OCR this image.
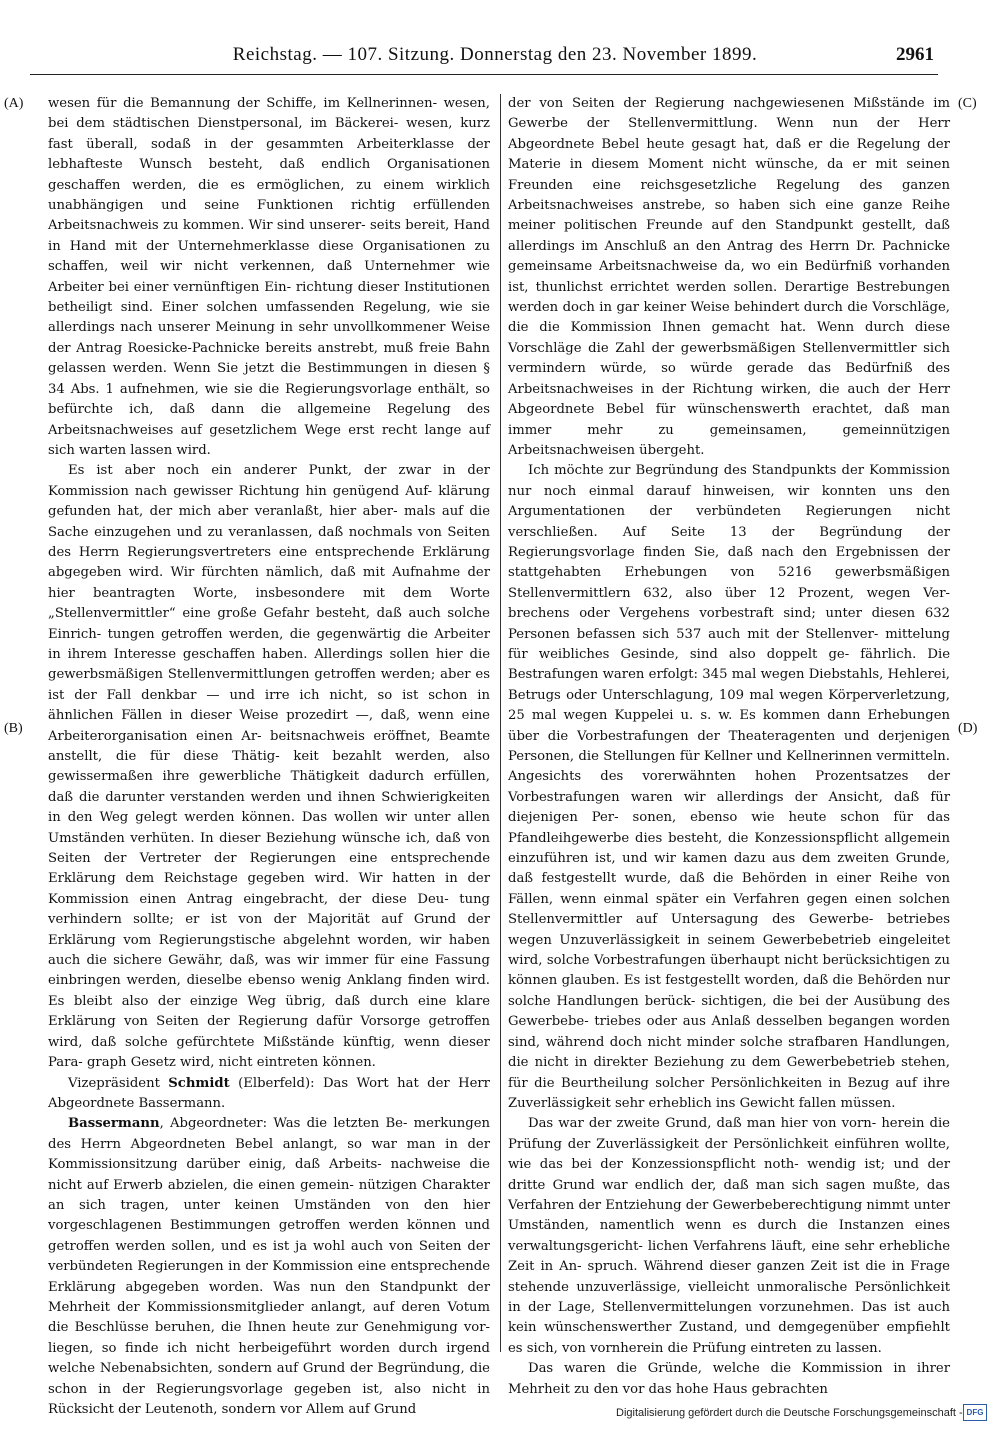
Reichstag. — 107. Sitzung. Donnerstag den 23. November 1899.	2961
(A)
(B)
(C)
(D)

wesen für die Bemannung der Schiffe, im Kellnerinnen- wesen, bei dem städtischen Dienstpersonal, im Bäckerei- wesen, kurz fast überall, sodaß in der gesammten Arbeiterklasse der lebhafteste Wunsch besteht, daß endlich Organisationen geschaffen werden, die es ermöglichen, zu einem wirklich unabhängigen und seine Funktionen richtig erfüllenden Arbeitsnachweis zu kommen. Wir sind unserer- seits bereit, Hand in Hand mit der Unternehmerklasse diese Organisationen zu schaffen, weil wir nicht verkennen, daß Unternehmer wie Arbeiter bei einer vernünftigen Ein- richtung dieser Institutionen betheiligt sind. Einer solchen umfassenden Regelung, wie sie allerdings nach unserer Meinung in sehr unvollkommener Weise der Antrag Roesicke-Pachnicke bereits anstrebt, muß freie Bahn gelassen werden. Wenn Sie jetzt die Bestimmungen in diesen § 34 Abs. 1 aufnehmen, wie sie die Regierungsvorlage enthält, so befürchte ich, daß dann die allgemeine Regelung des Arbeitsnachweises auf gesetzlichem Wege erst recht lange auf sich warten lassen wird.

Es ist aber noch ein anderer Punkt, der zwar in der Kommission nach gewisser Richtung hin genügend Auf- klärung gefunden hat, der mich aber veranlaßt, hier aber- mals auf die Sache einzugehen und zu veranlassen, daß nochmals von Seiten des Herrn Regierungsvertreters eine entsprechende Erklärung abgegeben wird. Wir fürchten nämlich, daß mit Aufnahme der hier beantragten Worte, insbesondere mit dem Worte „Stellenvermittler“ eine große Gefahr besteht, daß auch solche Einrich- tungen getroffen werden, die gegenwärtig die Arbeiter in ihrem Interesse geschaffen haben. Allerdings sollen hier die gewerbsmäßigen Stellenvermittlungen getroffen werden; aber es ist der Fall denkbar — und irre ich nicht, so ist schon in ähnlichen Fällen in dieser Weise prozedirt —, daß, wenn eine Arbeiterorganisation einen Ar- beitsnachweis eröffnet, Beamte anstellt, die für diese Thätig- keit bezahlt werden, also gewissermaßen ihre gewerbliche Thätigkeit dadurch erfüllen, daß die darunter verstanden werden und ihnen Schwierigkeiten in den Weg gelegt werden können. Das wollen wir unter allen Umständen verhüten. In dieser Beziehung wünsche ich, daß von Seiten der Vertreter der Regierungen eine entsprechende Erklärung dem Reichstage gegeben wird. Wir hatten in der Kommission einen Antrag eingebracht, der diese Deu- tung verhindern sollte; er ist von der Majorität auf Grund der Erklärung vom Regierungstische abgelehnt worden, wir haben auch die sichere Gewähr, daß, was wir immer für eine Fassung einbringen werden, dieselbe ebenso wenig Anklang finden wird. Es bleibt also der einzige Weg übrig, daß durch eine klare Erklärung von Seiten der Regierung dafür Vorsorge getroffen wird, daß solche gefürchtete Mißstände künftig, wenn dieser Para- graph Gesetz wird, nicht eintreten können.

Vizepräsident Schmidt (Elberfeld): Das Wort hat der Herr Abgeordnete Bassermann.

Bassermann, Abgeordneter: Was die letzten Be- merkungen des Herrn Abgeordneten Bebel anlangt, so war man in der Kommissionsitzung darüber einig, daß Arbeits- nachweise die nicht auf Erwerb abzielen, die einen gemein- nützigen Charakter an sich tragen, unter keinen Umständen von den hier vorgeschlagenen Bestimmungen getroffen werden können und getroffen werden sollen, und es ist ja wohl auch von Seiten der verbündeten Regierungen in der Kommission eine entsprechende Erklärung abgegeben worden. Was nun den Standpunkt der Mehrheit der Kommissionsmitglieder anlangt, auf deren Votum die Beschlüsse beruhen, die Ihnen heute zur Genehmigung vor- liegen, so finde ich nicht herbeigeführt worden durch irgend welche Nebenabsichten, sondern auf Grund der Begründung, die schon in der Regierungsvorlage gegeben ist, also nicht in Rücksicht der Leutenoth, sondern vor Allem auf Grund

der von Seiten der Regierung nachgewiesenen Mißstände im Gewerbe der Stellenvermittlung. Wenn nun der Herr Abgeordnete Bebel heute gesagt hat, daß er die Regelung der Materie in diesem Moment nicht wünsche, da er mit seinen Freunden eine reichsgesetzliche Regelung des ganzen Arbeitsnachweises anstrebe, so haben sich eine ganze Reihe meiner politischen Freunde auf den Standpunkt gestellt, daß allerdings im Anschluß an den Antrag des Herrn Dr. Pachnicke gemeinsame Arbeitsnachweise da, wo ein Bedürfniß vorhanden ist, thunlichst errichtet werden sollen. Derartige Bestrebungen werden doch in gar keiner Weise behindert durch die Vorschläge, die die Kommission Ihnen gemacht hat. Wenn durch diese Vorschläge die Zahl der gewerbsmäßigen Stellenvermittler sich vermindern würde, so würde gerade das Bedürfniß des Arbeitsnachweises in der Richtung wirken, die auch der Herr Abgeordnete Bebel für wünschenswerth erachtet, daß man immer mehr zu gemeinsamen, gemeinnützigen Arbeitsnachweisen übergeht.

Ich möchte zur Begründung des Standpunkts der Kommission nur noch einmal darauf hinweisen, wir konnten uns den Argumentationen der verbündeten Regierungen nicht verschließen. Auf Seite 13 der Begründung der Regierungsvorlage finden Sie, daß nach den Ergebnissen der stattgehabten Erhebungen von 5216 gewerbsmäßigen Stellenvermittlern 632, also über 12 Prozent, wegen Ver- brechens oder Vergehens vorbestraft sind; unter diesen 632 Personen befassen sich 537 auch mit der Stellenver- mittelung für weibliches Gesinde, sind also doppelt ge- fährlich. Die Bestrafungen waren erfolgt: 345 mal wegen Diebstahls, Hehlerei, Betrugs oder Unterschlagung, 109 mal wegen Körperverletzung, 25 mal wegen Kuppelei u. s. w. Es kommen dann Erhebungen über die Vorbestrafungen der Theateragenten und derjenigen Personen, die Stellungen für Kellner und Kellnerinnen vermitteln. Angesichts des vorerwähnten hohen Prozentsatzes der Vorbestrafungen waren wir allerdings der Ansicht, daß für diejenigen Per- sonen, ebenso wie heute schon für das Pfandleihgewerbe dies besteht, die Konzessionspflicht allgemein einzuführen ist, und wir kamen dazu aus dem zweiten Grunde, daß festgestellt wurde, daß die Behörden in einer Reihe von Fällen, wenn einmal später ein Verfahren gegen einen solchen Stellenvermittler auf Untersagung des Gewerbe- betriebes wegen Unzuverlässigkeit in seinem Gewerbebetrieb eingeleitet wird, solche Vorbestrafungen überhaupt nicht berücksichtigen zu können glauben. Es ist festgestellt worden, daß die Behörden nur solche Handlungen berück- sichtigen, die bei der Ausübung des Gewerbebe- triebes oder aus Anlaß desselben begangen worden sind, während doch nicht minder solche strafbaren Handlungen, die nicht in direkter Beziehung zu dem Gewerbebetrieb stehen, für die Beurtheilung solcher Persönlichkeiten in Bezug auf ihre Zuverlässigkeit sehr erheblich ins Gewicht fallen müssen.

Das war der zweite Grund, daß man hier von vorn- herein die Prüfung der Zuverlässigkeit der Persönlichkeit einführen wollte, wie das bei der Konzessionspflicht noth- wendig ist; und der dritte Grund war endlich der, daß man sich sagen mußte, das Verfahren der Entziehung der Gewerbeberechtigung nimmt unter Umständen, namentlich wenn es durch die Instanzen eines verwaltungsgericht- lichen Verfahrens läuft, eine sehr erhebliche Zeit in An- spruch. Während dieser ganzen Zeit ist die in Frage stehende unzuverlässige, vielleicht unmoralische Persönlichkeit in der Lage, Stellenvermittelungen vorzunehmen. Das ist auch kein wünschenswerther Zustand, und demgegenüber empfiehlt es sich, von vornherein die Prüfung eintreten zu lassen.

Das waren die Gründe, welche die Kommission in ihrer Mehrheit zu den vor das hohe Haus gebrachten

Digitalisierung gefördert durch die Deutsche Forschungsgemeinschaft - DFG
